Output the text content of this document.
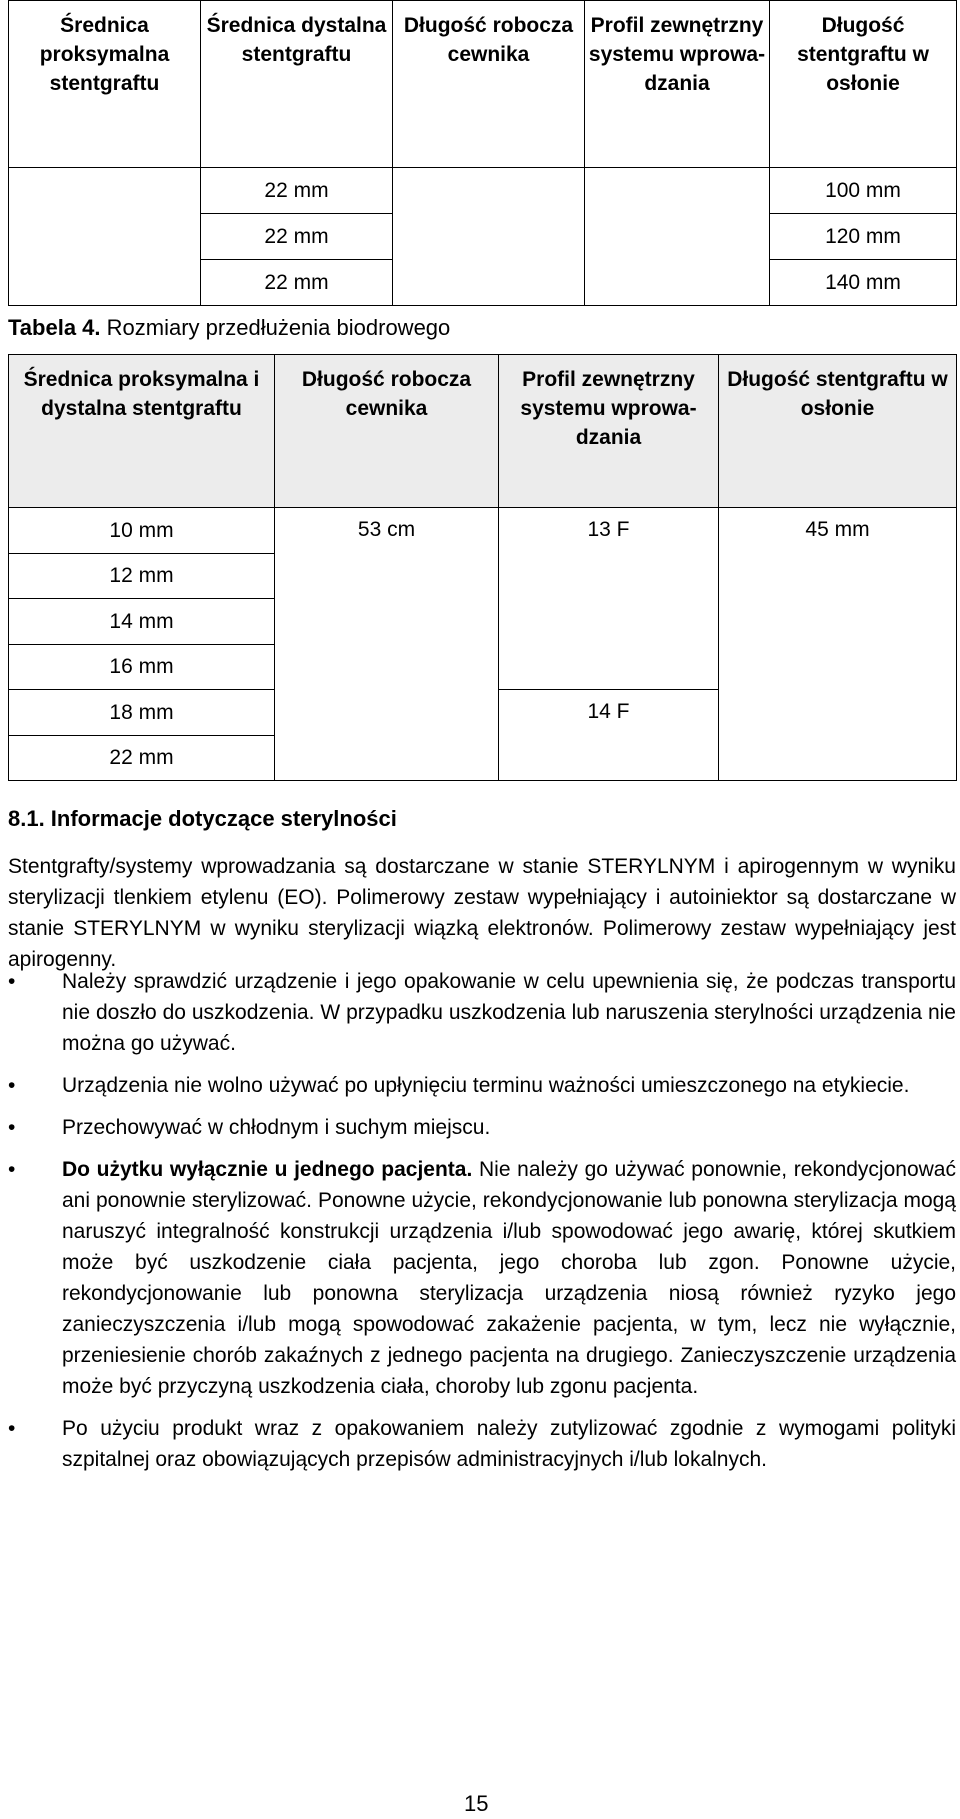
Średnica proksymalna stentgraftu	Średnica dystalna stentgraftu	Długość robocza cewnika	Profil zewnętrzny systemu wprowa-dzania	Długość stentgraftu w osłonie
	22 mm			100 mm
	22 mm			120 mm
	22 mm			140 mm
Tabela 4. Rozmiary przedłużenia biodrowego
Średnica proksymalna i dystalna stentgraftu	Długość robocza cewnika	Profil zewnętrzny systemu wprowa-dzania	Długość stentgraftu w osłonie
10 mm	53 cm	13 F	45 mm
12 mm			
14 mm			
16 mm			
18 mm		14 F	
22 mm			
8.1. Informacje dotyczące sterylności
Stentgrafty/systemy wprowadzania są dostarczane w stanie STERYLNYM i apirogennym w wyniku sterylizacji tlenkiem etylenu (EO). Polimerowy zestaw wypełniający i autoiniektor są dostarczane w stanie STERYLNYM w wyniku sterylizacji wiązką elektronów. Polimerowy zestaw wypełniający jest apirogenny.
•	Należy sprawdzić urządzenie i jego opakowanie w celu upewnienia się, że podczas transportu nie doszło do uszkodzenia. W przypadku uszkodzenia lub naruszenia sterylności urządzenia nie można go używać.
•	Urządzenia nie wolno używać po upłynięciu terminu ważności umieszczonego na etykiecie.
•	Przechowywać w chłodnym i suchym miejscu.
•	Do użytku wyłącznie u jednego pacjenta. Nie należy go używać ponownie, rekondycjonować ani ponownie sterylizować. Ponowne użycie, rekondycjonowanie lub ponowna sterylizacja mogą naruszyć integralność konstrukcji urządzenia i/lub spowodować jego awarię, której skutkiem może być uszkodzenie ciała pacjenta, jego choroba lub zgon. Ponowne użycie, rekondycjonowanie lub ponowna sterylizacja urządzenia niosą również ryzyko jego zanieczyszczenia i/lub mogą spowodować zakażenie pacjenta, w tym, lecz nie wyłącznie, przeniesienie chorób zakaźnych z jednego pacjenta na drugiego. Zanieczyszczenie urządzenia może być przyczyną uszkodzenia ciała, choroby lub zgonu pacjenta.
•	Po użyciu produkt wraz z opakowaniem należy zutylizować zgodnie z wymogami polityki szpitalnej oraz obowiązujących przepisów administracyjnych i/lub lokalnych.
15
